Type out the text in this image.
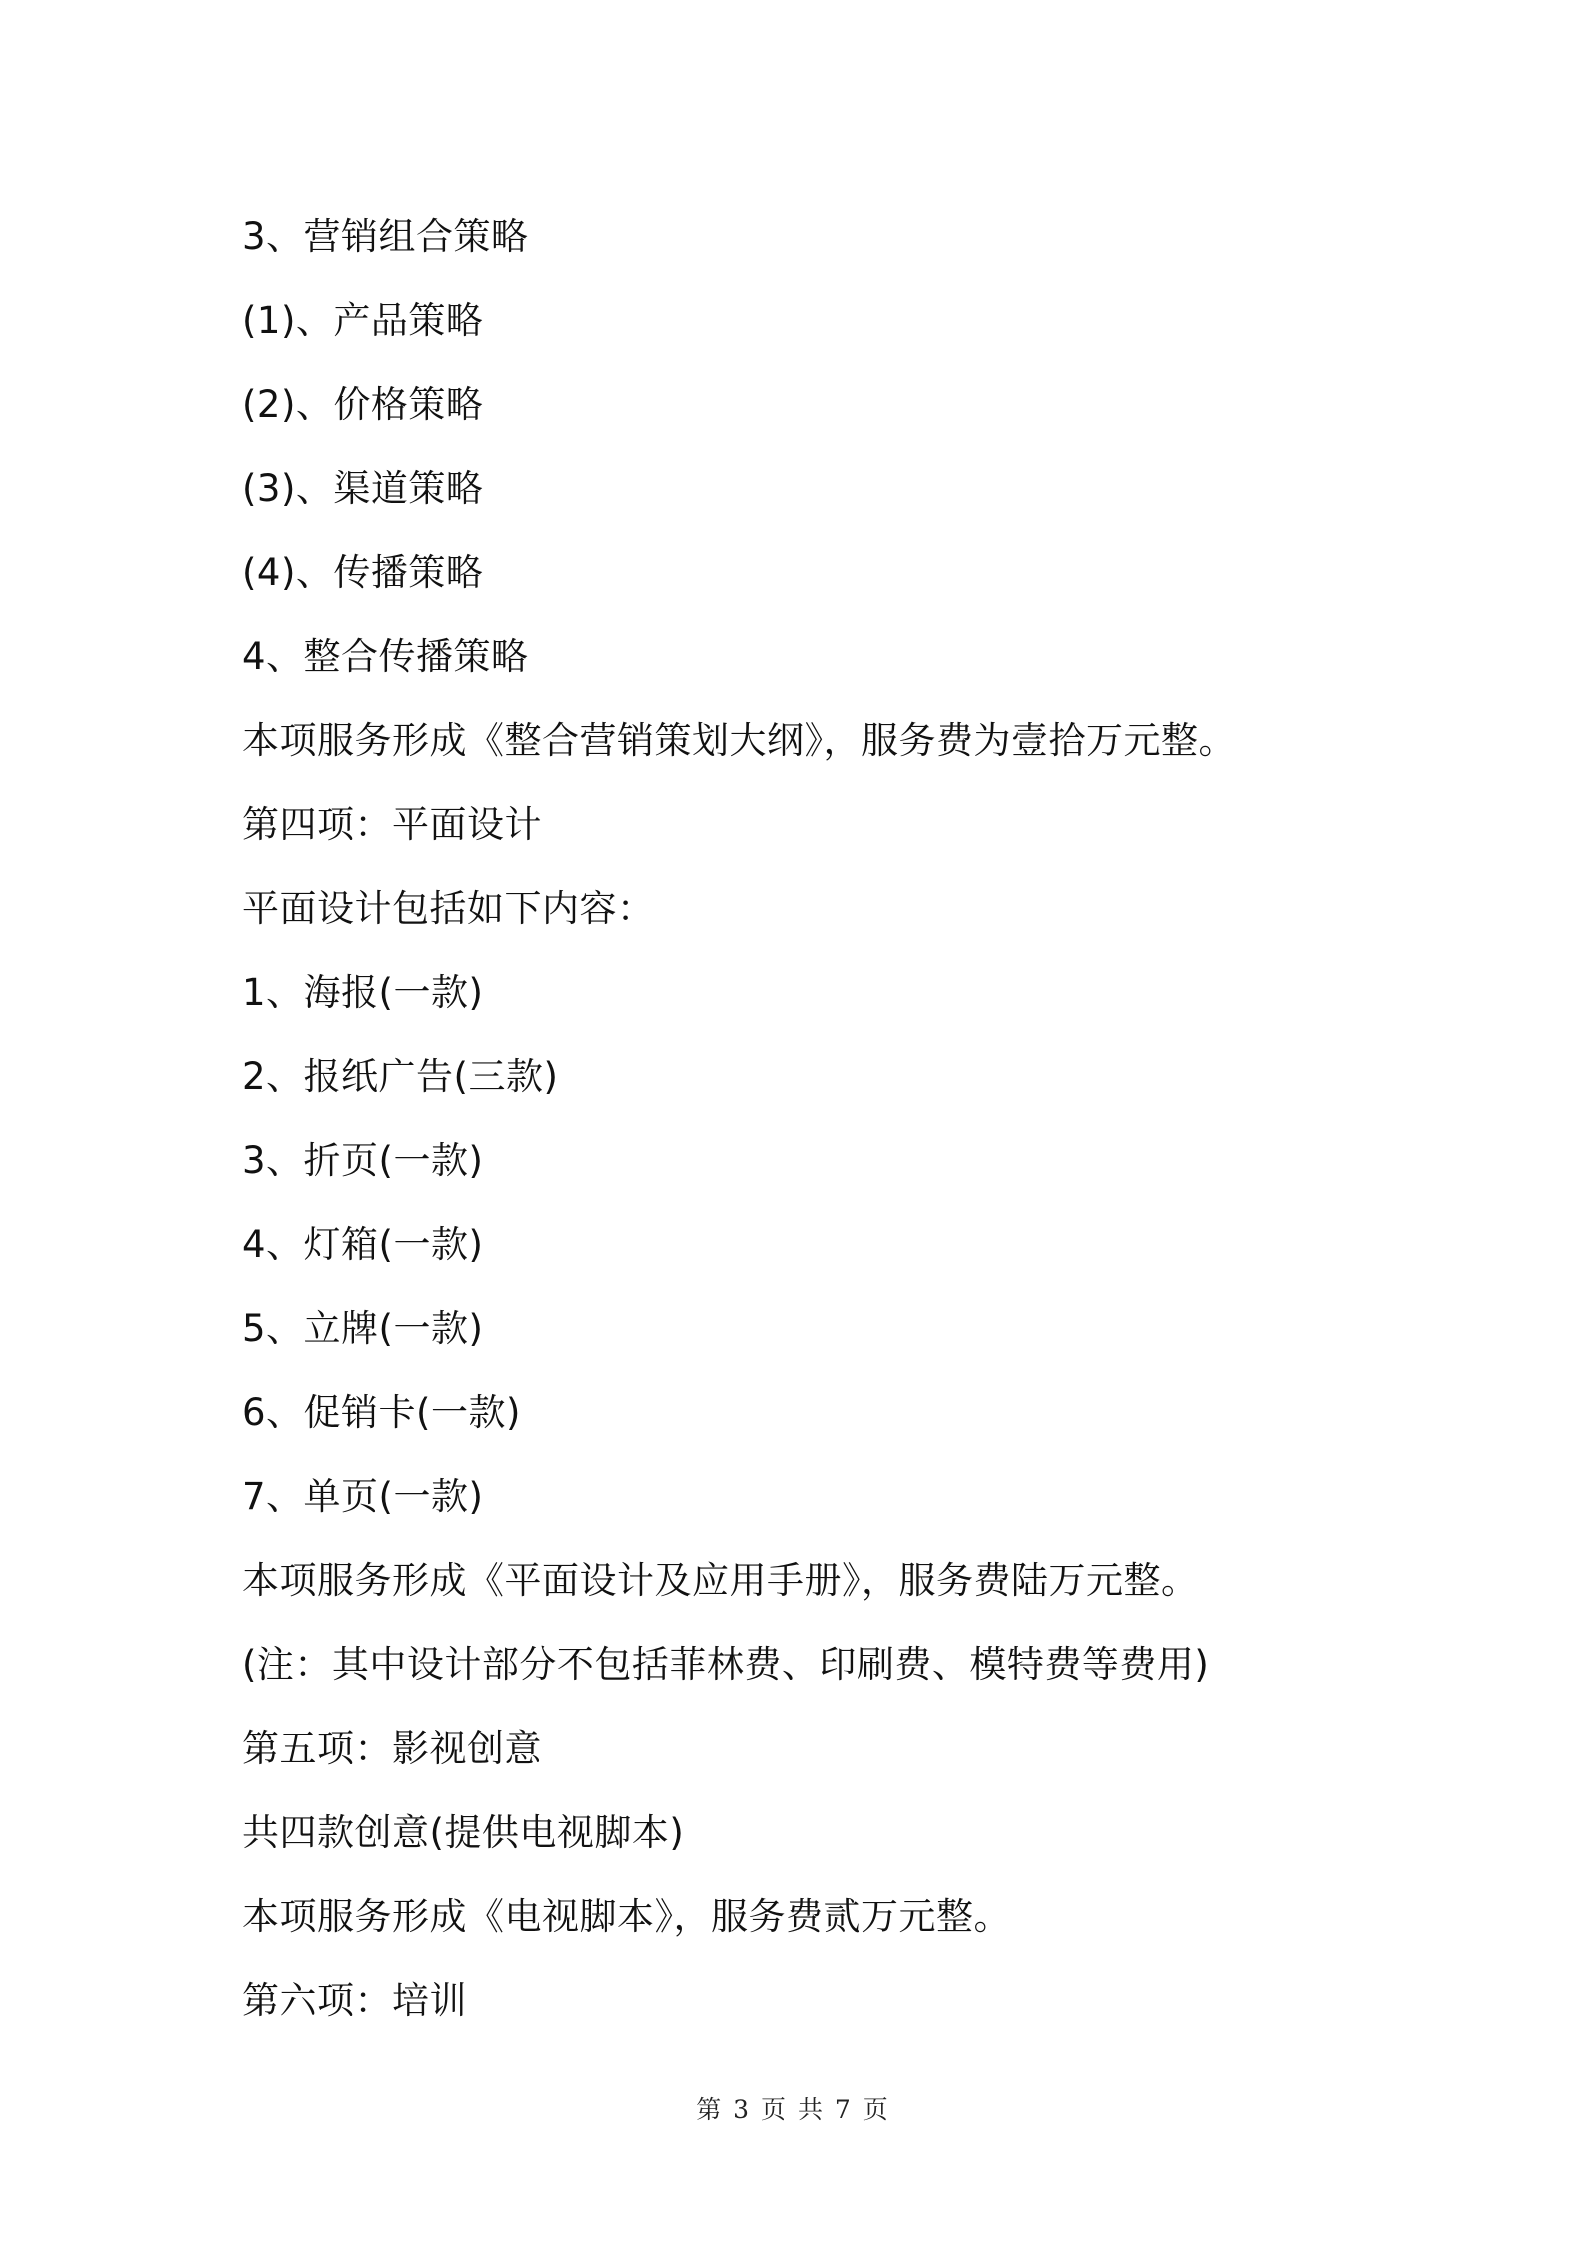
3、营销组合策略
(1)、产品策略
(2)、价格策略
(3)、渠道策略
(4)、传播策略
4、整合传播策略
本项服务形成《整合营销策划大纲》，服务费为壹拾万元整。
第四项：平面设计
平面设计包括如下内容：
1、海报(一款)
2、报纸广告(三款)
3、折页(一款)
4、灯箱(一款)
5、立牌(一款)
6、促销卡(一款)
7、单页(一款)
本项服务形成《平面设计及应用手册》，服务费陆万元整。
(注：其中设计部分不包括菲林费、印刷费、模特费等费用)
第五项：影视创意
共四款创意(提供电视脚本)
本项服务形成《电视脚本》，服务费贰万元整。
第六项：培训
第 3 页 共 7 页
